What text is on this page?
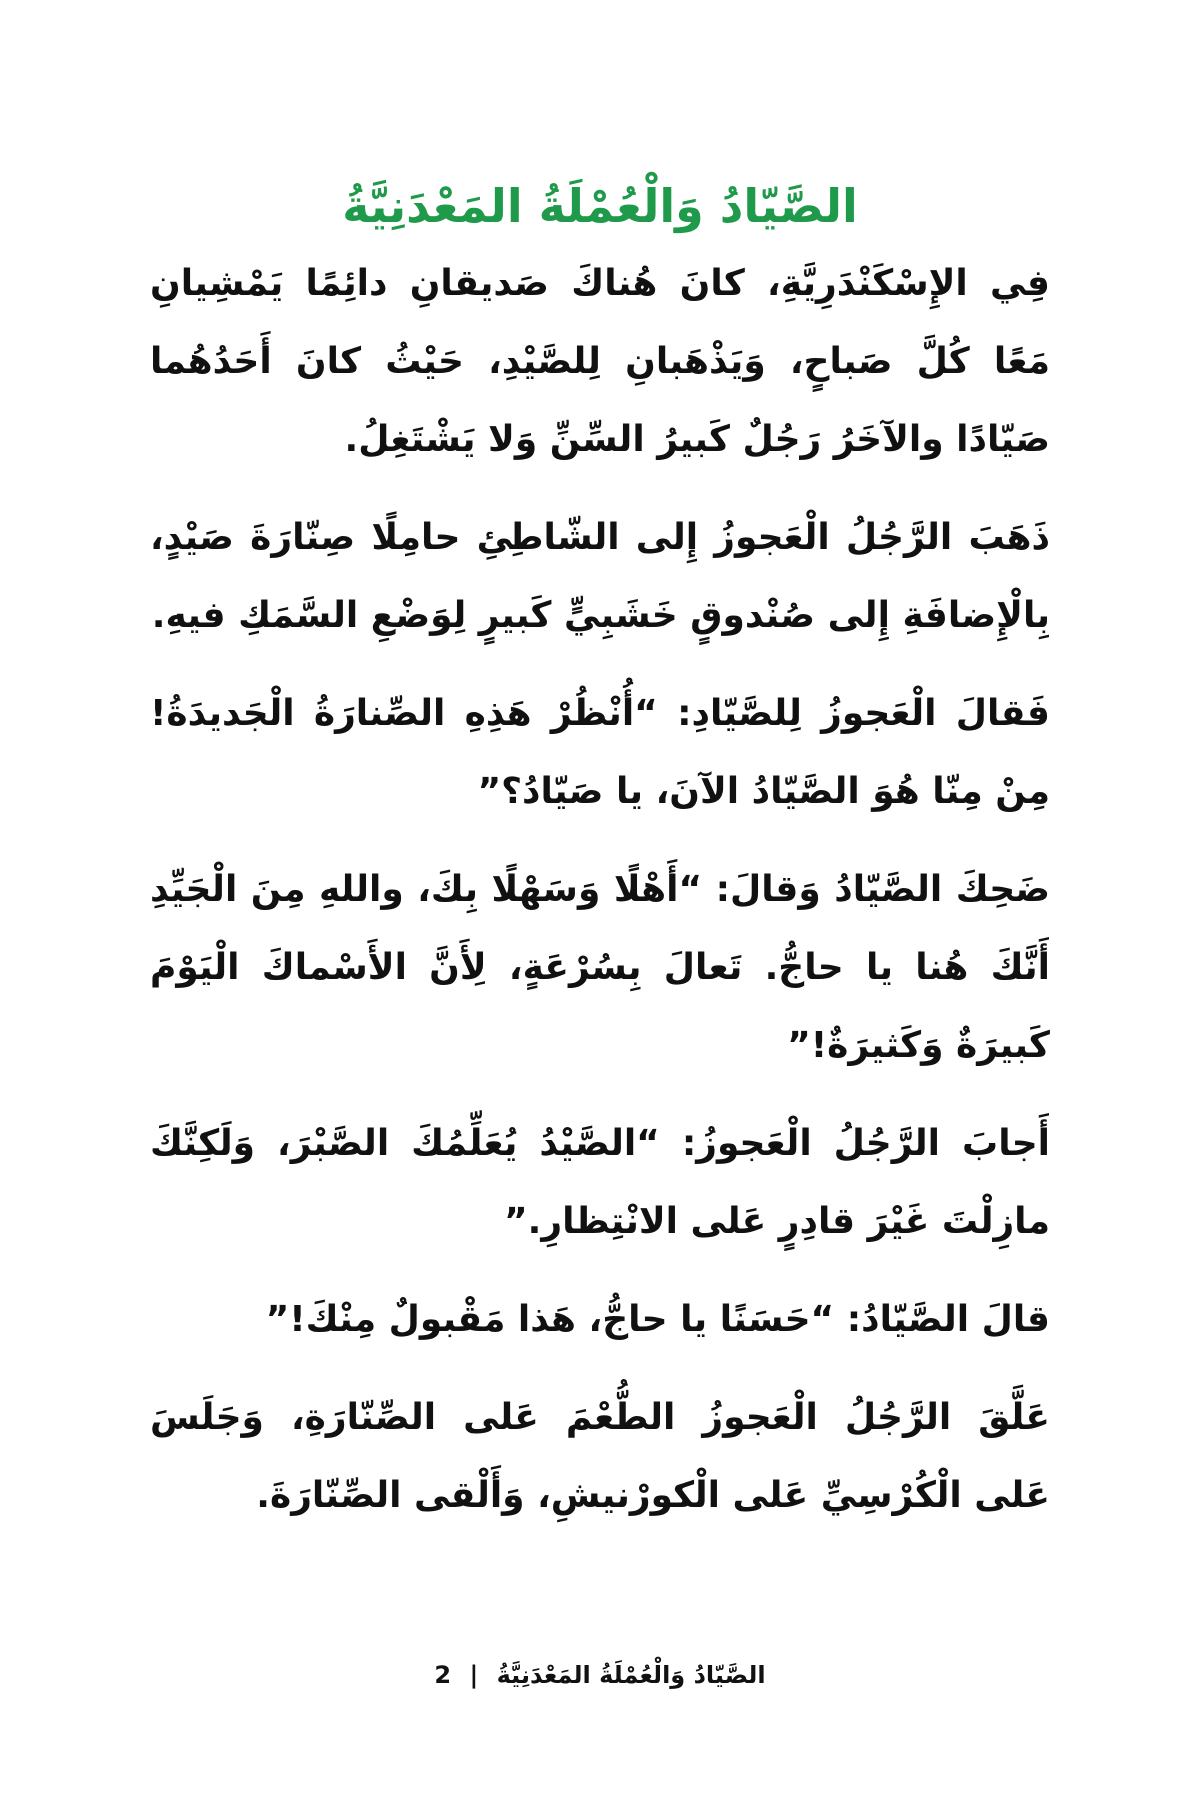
الصَّيّادُ وَالْعُمْلَةُ المَعْدَنِيَّةُ

فِي الإِسْكَنْدَرِيَّةِ، كانَ هُناكَ صَديقانِ دائِمًا يَمْشِيانِ مَعًا كُلَّ صَباحٍ، وَيَذْهَبانِ لِلصَّيْدِ، حَيْثُ كانَ أَحَدُهُما صَيّادًا والآخَرُ رَجُلٌ كَبيرُ السِّنِّ وَلا يَشْتَغِلُ.

ذَهَبَ الرَّجُلُ الْعَجوزُ إِلى الشّاطِئِ حامِلًا صِنّارَةَ صَيْدٍ، بِالْإِضافَةِ إِلى صُنْدوقٍ خَشَبِيٍّ كَبيرٍ لِوَضْعِ السَّمَكِ فيهِ.

فَقالَ الْعَجوزُ لِلصَّيّادِ: “أُنْظُرْ هَذِهِ الصِّنارَةُ الْجَديدَةُ! مِنْ مِنّا هُوَ الصَّيّادُ الآنَ، يا صَيّادُ؟”

ضَحِكَ الصَّيّادُ وَقالَ: “أَهْلًا وَسَهْلًا بِكَ، واللهِ مِنَ الْجَيِّدِ أَنَّكَ هُنا يا حاجُّ. تَعالَ بِسُرْعَةٍ، لِأَنَّ الأَسْماكَ الْيَوْمَ كَبيرَةٌ وَكَثيرَةٌ!”

أَجابَ الرَّجُلُ الْعَجوزُ: “الصَّيْدُ يُعَلِّمُكَ الصَّبْرَ، وَلَكِنَّكَ مازِلْتَ غَيْرَ قادِرٍ عَلى الانْتِظارِ.”

قالَ الصَّيّادُ: “حَسَنًا يا حاجُّ، هَذا مَقْبولٌ مِنْكَ!”

عَلَّقَ الرَّجُلُ الْعَجوزُ الطُّعْمَ عَلى الصِّنّارَةِ، وَجَلَسَ عَلى الْكُرْسِيِّ عَلى الْكورْنيشِ، وَأَلْقى الصِّنّارَةَ.

الصَّيّادُ وَالْعُمْلَةُ المَعْدَنِيَّةُ | 2
